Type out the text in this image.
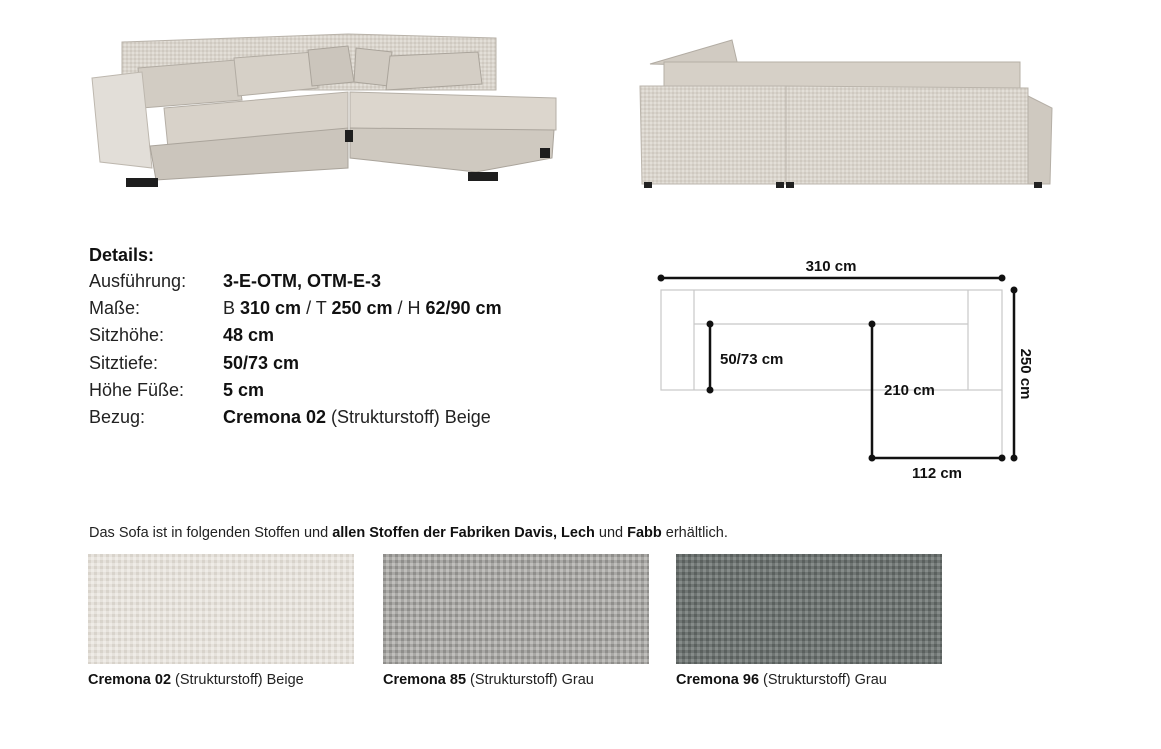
Details:
Ausführung:	3-E-OTM, OTM-E-3
Maße:	B 310 cm / T 250 cm / H 62/90 cm
Sitzhöhe:	48 cm
Sitztiefe:	50/73 cm
Höhe Füße:	5 cm
Bezug:	Cremona 02 (Strukturstoff) Beige
310 cm
250 cm
50/73 cm
210 cm
112 cm
Das Sofa ist in folgenden Stoffen und allen Stoffen der Fabriken Davis, Lech und Fabb erhältlich.
Cremona 02 (Strukturstoff) Beige	Cremona 85 (Strukturstoff) Grau	Cremona 96 (Strukturstoff) Grau
